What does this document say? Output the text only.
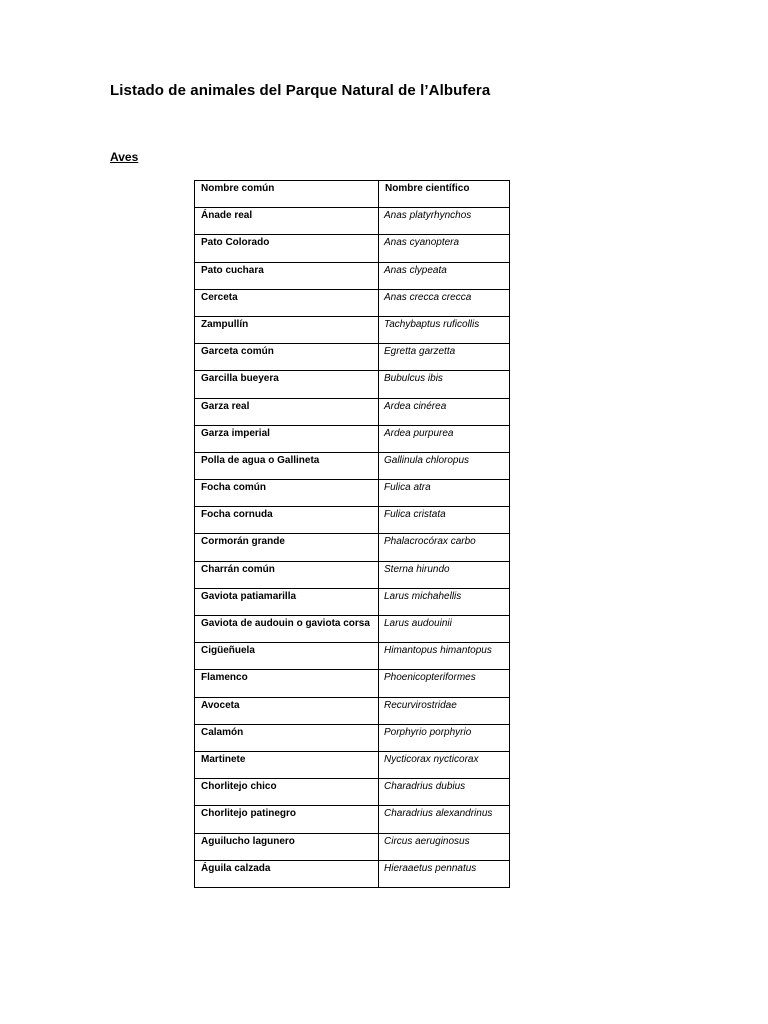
Listado de animales del Parque Natural de l’Albufera
Aves
Nombre común	Nombre científico
Ánade real	Anas platyrhynchos
Pato Colorado	Anas cyanoptera
Pato cuchara	Anas clypeata
Cerceta	Anas crecca crecca
Zampullín	Tachybaptus ruficollis
Garceta común	Egretta garzetta
Garcilla bueyera	Bubulcus ibis
Garza real	Ardea cinérea
Garza imperial	Ardea purpurea
Polla de agua o Gallineta	Gallinula chloropus
Focha común	Fulica atra
Focha cornuda	Fulica cristata
Cormorán grande	Phalacrocórax carbo
Charrán común	Sterna hirundo
Gaviota patiamarilla	Larus michahellis
Gaviota de audouin o gaviota corsa	Larus audouinii
Cigüeñuela	Himantopus himantopus
Flamenco	Phoenicopteriformes
Avoceta	Recurvirostridae
Calamón	Porphyrio porphyrio
Martinete	Nycticorax nycticorax
Chorlitejo chico	Charadrius dubius
Chorlitejo patinegro	Charadrius alexandrinus
Aguilucho lagunero	Circus aeruginosus
Águila calzada	Hieraaetus pennatus
